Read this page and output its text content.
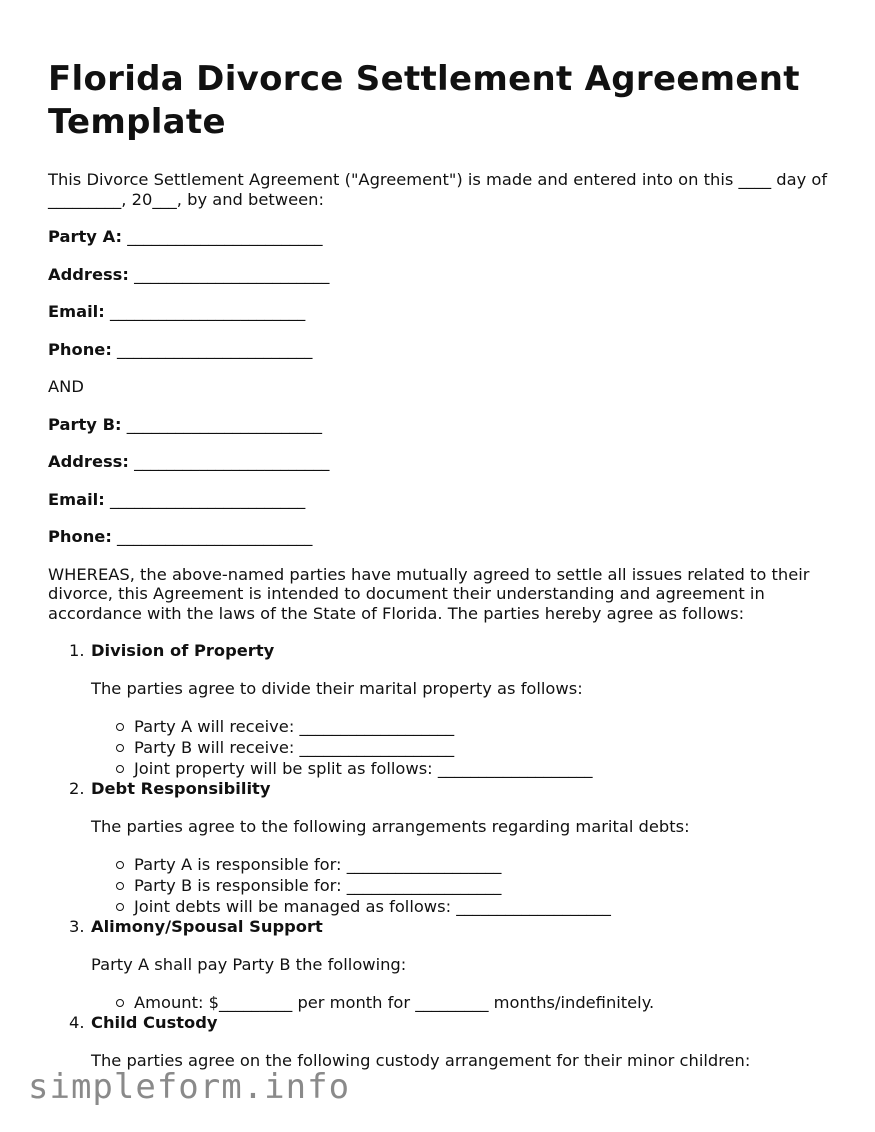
Florida Divorce Settlement Agreement Template

This Divorce Settlement Agreement ("Agreement") is made and entered into on this ____ day of _________, 20___, by and between:

Party A: ________________________

Address: ________________________

Email: ________________________

Phone: ________________________

AND

Party B: ________________________

Address: ________________________

Email: ________________________

Phone: ________________________

WHEREAS, the above-named parties have mutually agreed to settle all issues related to their divorce, this Agreement is intended to document their understanding and agreement in accordance with the laws of the State of Florida. The parties hereby agree as follows:

1. Division of Property

The parties agree to divide their marital property as follows:

Party A will receive: ___________________
Party B will receive: ___________________
Joint property will be split as follows: ___________________
2. Debt Responsibility

The parties agree to the following arrangements regarding marital debts:

Party A is responsible for: ___________________
Party B is responsible for: ___________________
Joint debts will be managed as follows: ___________________
3. Alimony/Spousal Support

Party A shall pay Party B the following:

Amount: $_________ per month for _________ months/indefinitely.
4. Child Custody

The parties agree on the following custody arrangement for their minor children:

simpleform.info
